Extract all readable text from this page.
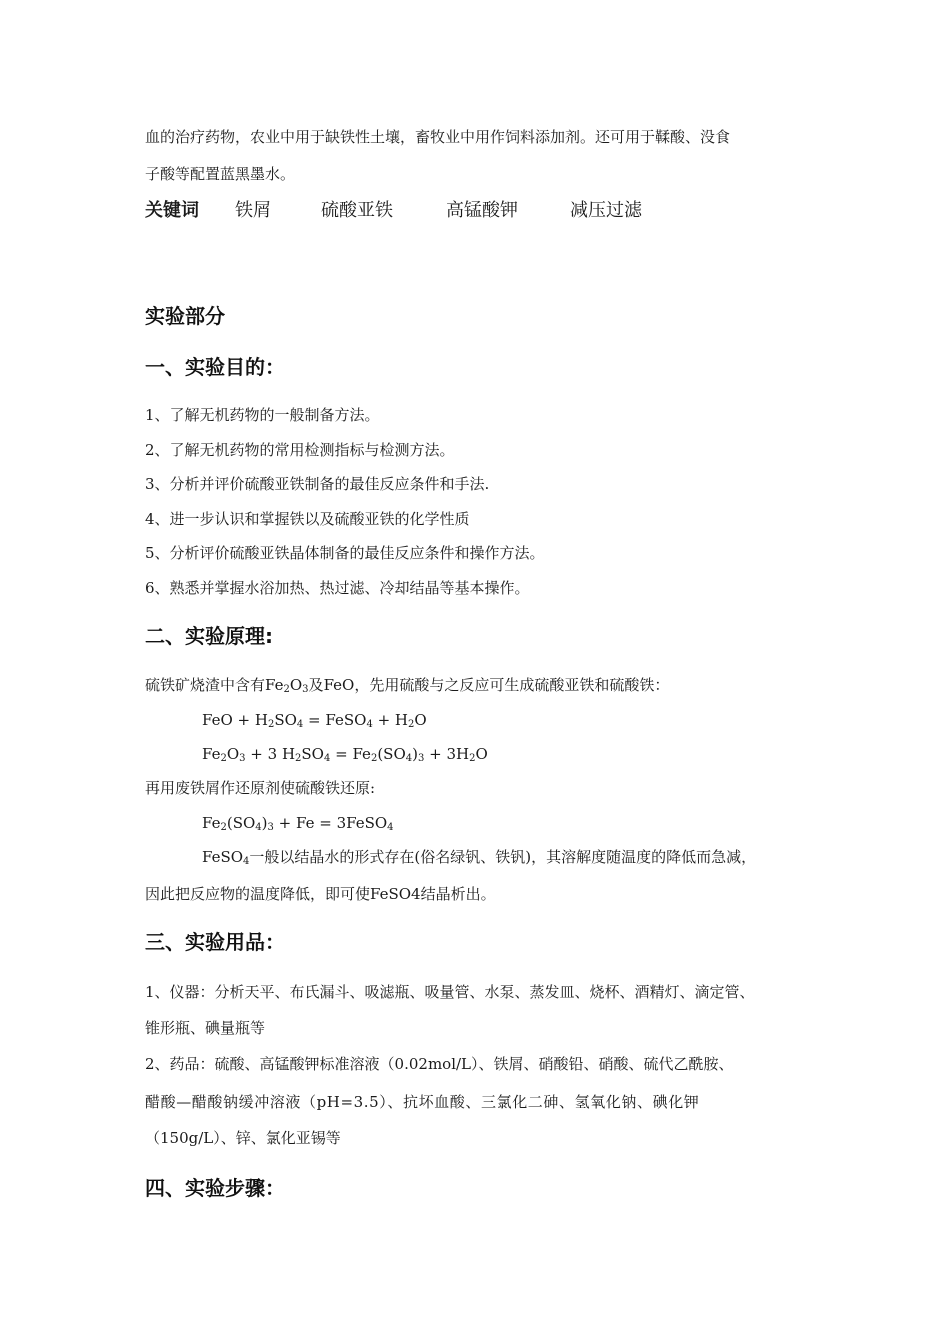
血的治疗药物，农业中用于缺铁性土壤，畜牧业中用作饲料添加剂。还可用于鞣酸、没食
子酸等配置蓝黑墨水。
关键词 铁屑	硫酸亚铁	高锰酸钾	减压过滤
实验部分
一、实验目的：
1、了解无机药物的一般制备方法。
2、了解无机药物的常用检测指标与检测方法。
3、分析并评价硫酸亚铁制备的最佳反应条件和手法.
4、进一步认识和掌握铁以及硫酸亚铁的化学性质
5、分析评价硫酸亚铁晶体制备的最佳反应条件和操作方法。
6、熟悉并掌握水浴加热、热过滤、冷却结晶等基本操作。
二、实验原理:
硫铁矿烧渣中含有$Fe_2O_3$及FeO，先用硫酸与之反应可生成硫酸亚铁和硫酸铁：
FeO + $H_2SO_4$ = FeSO$_4$ + $H_2O$
$Fe_2O_3 + 3$ $H_2SO_4 = Fe_2(SO_4)_3 + 3H_2O$
再用废铁屑作还原剂使硫酸铁还原:
$Fe_2(SO_4)_3 + Fe$ = 3FeSO$_4$
FeSO$_4$一般以结晶水的形式存在(俗名绿钒、铁钒)，其溶解度随温度的降低而急减，
因此把反应物的温度降低，即可使FeSO4结晶析出。
三、实验用品：
1、仪器：分析天平、布氏漏斗、吸滤瓶、吸量管、水泵、蒸发皿、烧杯、酒精灯、滴定管、
锥形瓶、碘量瓶等
2、药品：硫酸、高锰酸钾标准溶液（0.02mol/L）、铁屑、硝酸铅、硝酸、硫代乙酰胺、
醋酸—醋酸钠缓冲溶液（pH=3.5）、抗坏血酸、三氯化二砷、氢氧化钠、碘化钾
（150g/L）、锌、氯化亚锡等
四、实验步骤：
